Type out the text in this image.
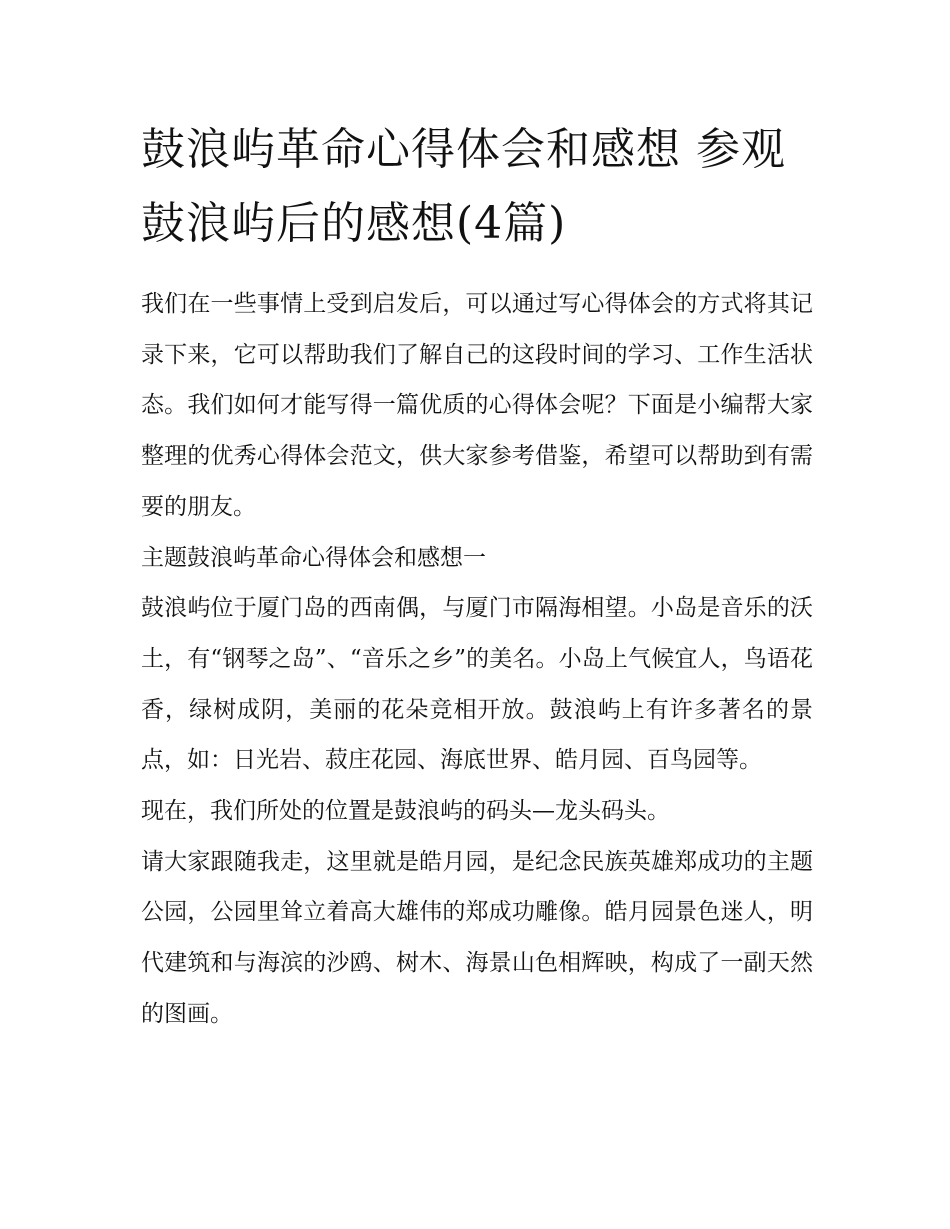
鼓浪屿革命心得体会和感想 参观鼓浪屿后的感想(4篇)

我们在一些事情上受到启发后，可以通过写心得体会的方式将其记录下来，它可以帮助我们了解自己的这段时间的学习、工作生活状态。我们如何才能写得一篇优质的心得体会呢？下面是小编帮大家整理的优秀心得体会范文，供大家参考借鉴，希望可以帮助到有需要的朋友。

主题鼓浪屿革命心得体会和感想一

鼓浪屿位于厦门岛的西南偶，与厦门市隔海相望。小岛是音乐的沃土，有“钢琴之岛”、“音乐之乡”的美名。小岛上气候宜人，鸟语花香，绿树成阴，美丽的花朵竞相开放。鼓浪屿上有许多著名的景点，如：日光岩、菽庄花园、海底世界、皓月园、百鸟园等。

现在，我们所处的位置是鼓浪屿的码头—龙头码头。

请大家跟随我走，这里就是皓月园，是纪念民族英雄郑成功的主题公园，公园里耸立着高大雄伟的郑成功雕像。皓月园景色迷人，明代建筑和与海滨的沙鸥、树木、海景山色相辉映，构成了一副天然的图画。
